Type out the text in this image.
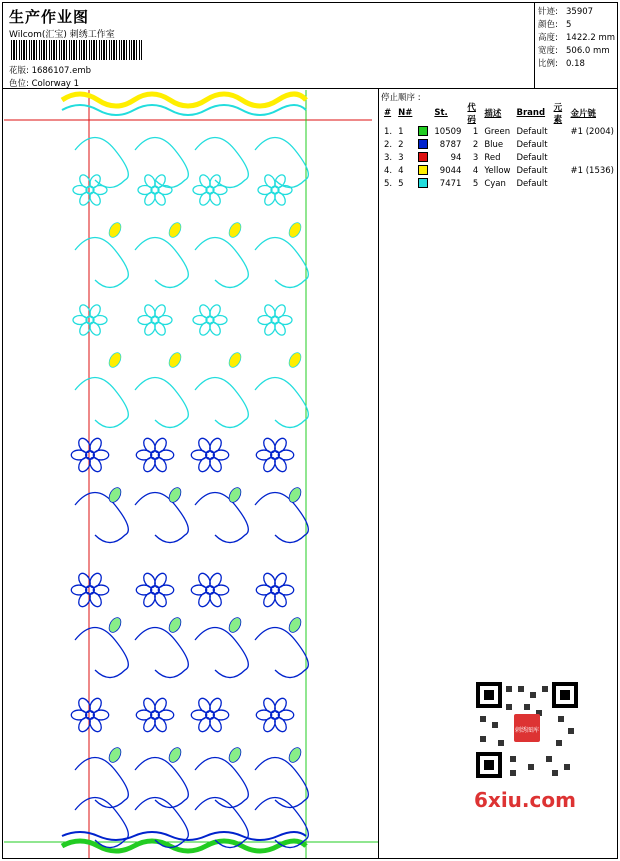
生产作业图
Wilcom(汇宝) 刺绣工作室
花版: 1686107.emb
色位: Colorway 1
针迹: 35907
颜色: 5
高度: 1422.2 mm
宽度: 506.0 mm
比例: 0.18
停止顺序 :
#	N#		St.	代码	描述	Brand	元素	金片链
1.	1		10509	1	Green	Default		#1 (2004)
2.	2		8787	2	Blue	Default		
3.	3		94	3	Red	Default		
4.	4		9044	4	Yellow	Default		#1 (1536)
5.	5		7471	5	Cyan	Default		
刺绣图库
6xiu.com
